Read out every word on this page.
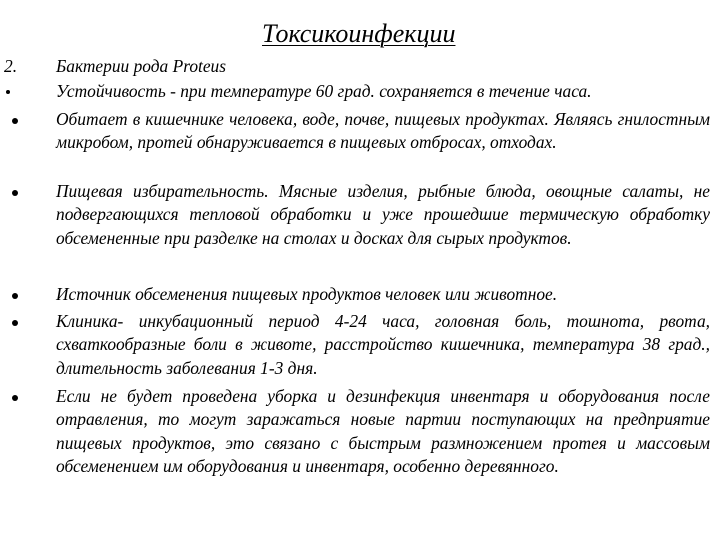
Токсикоинфекции
2. Бактерии рода Proteus
Устойчивость - при температуре 60 град. сохраняется в течение часа.
Обитает в кишечнике человека, воде, почве, пищевых продуктах. Являясь гнилостным микробом, протей обнаруживается в пищевых отбросах, отходах.
Пищевая избирательность. Мясные изделия, рыбные блюда, овощные салаты, не подвергающихся тепловой обработки и уже прошедшие термическую обработку обсемененные при разделке на столах и досках для сырых продуктов.
Источник обсеменения пищевых продуктов человек или животное.
Клиника- инкубационный период 4-24 часа, головная боль, тошнота, рвота, схваткообразные боли в животе, расстройство кишечника, температура 38 град., длительность заболевания 1-3 дня.
Если не будет проведена уборка и дезинфекция инвентаря и оборудования после отравления, то могут заражаться новые партии поступающих на предприятие пищевых продуктов, это связано с быстрым размножением протея и массовым обсеменением им оборудования и инвентаря, особенно деревянного.
